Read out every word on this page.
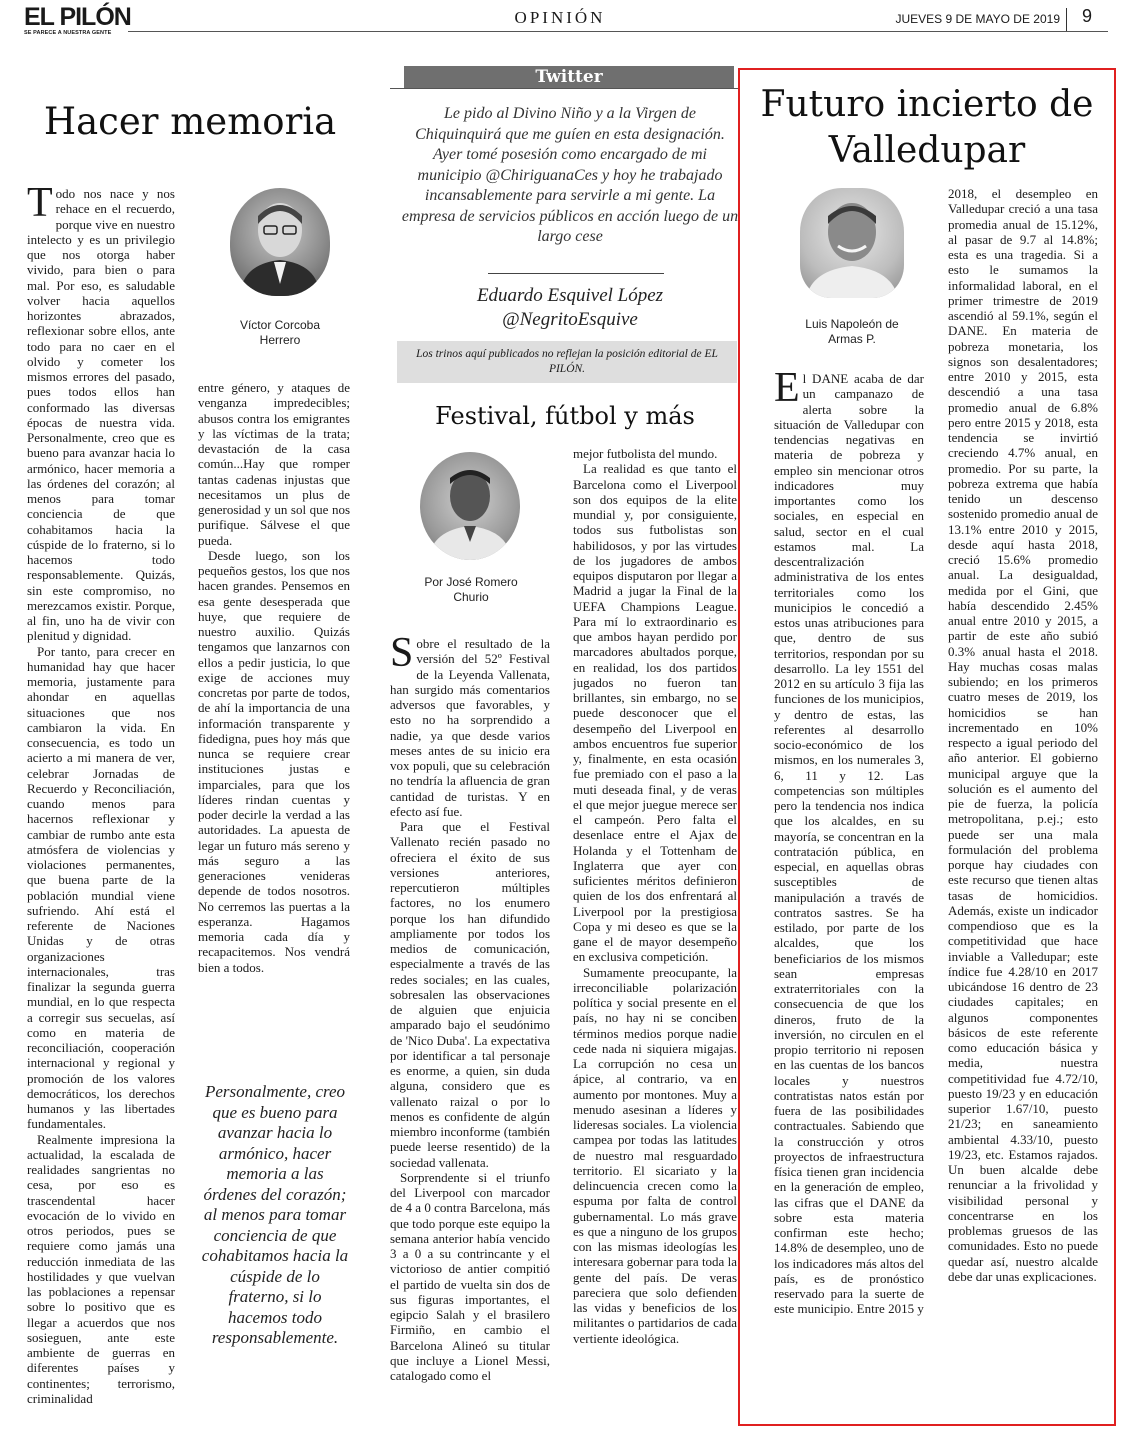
EL PILÓN
SE PARECE A NUESTRA GENTE
OPINIÓN	JUEVES 9 DE MAYO DE 2019	9
Hacer memoria
Víctor Corcoba Herrero

Todo nos nace y nos rehace en el recuerdo, porque vive en nuestro intelecto y es un privilegio que nos otorga haber vivido, para bien o para mal. Por eso, es saludable volver hacia aquellos horizontes abrazados, reflexionar sobre ellos, ante todo para no caer en el olvido y cometer los mismos errores del pasado, pues todos ellos han conformado las diversas épocas de nuestra vida. Personalmente, creo que es bueno para avanzar hacia lo armónico, hacer memoria a las órdenes del corazón; al menos para tomar conciencia de que cohabitamos hacia la cúspide de lo fraterno, si lo hacemos todo responsablemente. Quizás, sin este compromiso, no merezcamos existir. Porque, al fin, uno ha de vivir con plenitud y dignidad.

Por tanto, para crecer en humanidad hay que hacer memoria, justamente para ahondar en aquellas situaciones que nos cambiaron la vida. En consecuencia, es todo un acierto a mi manera de ver, celebrar Jornadas de Recuerdo y Reconciliación, cuando menos para hacernos reflexionar y cambiar de rumbo ante esta atmósfera de violencias y violaciones permanentes, que buena parte de la población mundial viene sufriendo. Ahí está el referente de Naciones Unidas y de otras organizaciones internacionales, tras finalizar la segunda guerra mundial, en lo que respecta a corregir sus secuelas, así como en materia de reconciliación, cooperación internacional y regional y promoción de los valores democráticos, los derechos humanos y las libertades fundamentales.

Realmente impresiona la actualidad, la escalada de realidades sangrientas no cesa, por eso es trascendental hacer evocación de lo vivido en otros periodos, pues se requiere como jamás una reducción inmediata de las hostilidades y que vuelvan las poblaciones a repensar sobre lo positivo que es llegar a acuerdos que nos sosieguen, ante este ambiente de guerras en diferentes países y continentes; terrorismo, criminalidad

entre género, y ataques de venganza impredecibles; abusos contra los emigrantes y las víctimas de la trata; devastación de la casa común...Hay que romper tantas cadenas injustas que necesitamos un plus de generosidad y un sol que nos purifique. Sálvese el que pueda.

Desde luego, son los pequeños gestos, los que nos hacen grandes. Pensemos en esa gente desesperada que huye, que requiere de nuestro auxilio. Quizás tengamos que lanzarnos con ellos a pedir justicia, lo que exige de acciones muy concretas por parte de todos, de ahí la importancia de una información transparente y fidedigna, pues hoy más que nunca se requiere crear instituciones justas e imparciales, para que los líderes rindan cuentas y poder decirle la verdad a las autoridades. La apuesta de legar un futuro más sereno y más seguro a las generaciones venideras depende de todos nosotros. No cerremos las puertas a la esperanza. Hagamos memoria cada día y recapacitemos. Nos vendrá bien a todos.

Personalmente, creo que es bueno para avanzar hacia lo armónico, hacer memoria a las órdenes del corazón; al menos para tomar conciencia de que cohabitamos hacia la cúspide de lo fraterno, si lo hacemos todo responsablemente.
Twitter
Le pido al Divino Niño y a la Virgen de Chiquinquirá que me guíen en esta designación. Ayer tomé posesión como encargado de mi municipio @ChiriguanaCes y hoy he trabajado incansablemente para servirle a mi gente. La empresa de servicios públicos en acción luego de un largo cese
Eduardo Esquivel López
@NegritoEsquive
Los trinos aquí publicados no reflejan la posición editorial de EL PILÓN.
Festival, fútbol y más
Por José Romero Churio

Sobre el resultado de la versión del 52º Festival de la Leyenda Vallenata, han surgido más comentarios adversos que favorables, y esto no ha sorprendido a nadie, ya que desde varios meses antes de su inicio era vox populi, que su celebración no tendría la afluencia de gran cantidad de turistas. Y en efecto así fue.

Para que el Festival Vallenato recién pasado no ofreciera el éxito de sus versiones anteriores, repercutieron múltiples factores, no los enumero porque los han difundido ampliamente por todos los medios de comunicación, especialmente a través de las redes sociales; en las cuales, sobresalen las observaciones de alguien que enjuicia amparado bajo el seudónimo de 'Nico Duba'. La expectativa por identificar a tal personaje es enorme, a quien, sin duda alguna, considero que es vallenato raizal o por lo menos es confidente de algún miembro inconforme (también puede leerse resentido) de la sociedad vallenata.

Sorprendente si el triunfo del Liverpool con marcador de 4 a 0 contra Barcelona, más que todo porque este equipo la semana anterior había vencido 3 a 0 a su contrincante y el victorioso de antier compitió el partido de vuelta sin dos de sus figuras importantes, el egipcio Salah y el brasilero Firmiño, en cambio el Barcelona Alineó su titular que incluye a Lionel Messi, catalogado como el

mejor futbolista del mundo.

La realidad es que tanto el Barcelona como el Liverpool son dos equipos de la elite mundial y, por consiguiente, todos sus futbolistas son habilidosos, y por las virtudes de los jugadores de ambos equipos disputaron por llegar a Madrid a jugar la Final de la UEFA Champions League. Para mí lo extraordinario es que ambos hayan perdido por marcadores abultados porque, en realidad, los dos partidos jugados no fueron tan brillantes, sin embargo, no se puede desconocer que el desempeño del Liverpool en ambos encuentros fue superior y, finalmente, en esta ocasión fue premiado con el paso a la muti deseada final, y de veras el que mejor juegue merece ser el campeón. Pero falta el desenlace entre el Ajax de Holanda y el Tottenham de Inglaterra que ayer con suficientes méritos definieron quien de los dos enfrentará al Liverpool por la prestigiosa Copa y mi deseo es que se la gane el de mayor desempeño en exclusiva competición.

Sumamente preocupante, la irreconciliable polarización política y social presente en el país, no hay ni se conciben términos medios porque nadie cede nada ni siquiera migajas. La corrupción no cesa un ápice, al contrario, va en aumento por montones. Muy a menudo asesinan a líderes y lideresas sociales. La violencia campea por todas las latitudes de nuestro mal resguardado territorio. El sicariato y la delincuencia crecen como la espuma por falta de control gubernamental. Lo más grave es que a ninguno de los grupos con las mismas ideologías les interesara gobernar para toda la gente del país. De veras pareciera que solo defienden las vidas y beneficios de los militantes o partidarios de cada vertiente ideológica.

Futuro incierto de Valledupar
Luis Napoleón de Armas P.

El DANE acaba de dar un campanazo de alerta sobre la situación de Valledupar con tendencias negativas en materia de pobreza y empleo sin mencionar otros indicadores muy importantes como los sociales, en especial en salud, sector en el cual estamos mal. La descentralización administrativa de los entes territoriales como los municipios le concedió a estos unas atribuciones para que, dentro de sus territorios, respondan por su desarrollo. La ley 1551 del 2012 en su artículo 3 fija las funciones de los municipios, y dentro de estas, las referentes al desarrollo socio-económico de los mismos, en los numerales 3, 6, 11 y 12. Las competencias son múltiples pero la tendencia nos indica que los alcaldes, en su mayoría, se concentran en la contratación pública, en especial, en aquellas obras susceptibles de manipulación a través de contratos sastres. Se ha estilado, por parte de los alcaldes, que los beneficiarios de los mismos sean empresas extraterritoriales con la consecuencia de que los dineros, fruto de la inversión, no circulen en el propio territorio ni reposen en las cuentas de los bancos locales y nuestros contratistas natos están por fuera de las posibilidades contractuales. Sabiendo que la construcción y otros proyectos de infraestructura física tienen gran incidencia en la generación de empleo, las cifras que el DANE da sobre esta materia confirman este hecho; 14.8% de desempleo, uno de los indicadores más altos del país, es de pronóstico reservado para la suerte de este municipio. Entre 2015 y

2018, el desempleo en Valledupar creció a una tasa promedia anual de 15.12%, al pasar de 9.7 al 14.8%; esta es una tragedia. Si a esto le sumamos la informalidad laboral, en el primer trimestre de 2019 ascendió al 59.1%, según el DANE. En materia de pobreza monetaria, los signos son desalentadores; entre 2010 y 2015, esta descendió a una tasa promedio anual de 6.8% pero entre 2015 y 2018, esta tendencia se invirtió creciendo 4.7% anual, en promedio. Por su parte, la pobreza extrema que había tenido un descenso sostenido promedio anual de 13.1% entre 2010 y 2015, desde aquí hasta 2018, creció 15.6% promedio anual. La desigualdad, medida por el Gini, que había descendido 2.45% anual entre 2010 y 2015, a partir de este año subió 0.3% anual hasta el 2018. Hay muchas cosas malas subiendo; en los primeros cuatro meses de 2019, los homicidios se han incrementado en 10% respecto a igual periodo del año anterior. El gobierno municipal arguye que la solución es el aumento del pie de fuerza, la policía metropolitana, p.ej.; esto puede ser una mala formulación del problema porque hay ciudades con este recurso que tienen altas tasas de homicidios. Además, existe un indicador compendioso que es la competitividad que hace inviable a Valledupar; este índice fue 4.28/10 en 2017 ubicándose 16 dentro de 23 ciudades capitales; en algunos componentes básicos de este referente como educación básica y media, nuestra competitividad fue 4.72/10, puesto 19/23 y en educación superior 1.67/10, puesto 21/23; en saneamiento ambiental 4.33/10, puesto 19/23, etc. Estamos rajados. Un buen alcalde debe renunciar a la frivolidad y visibilidad personal y concentrarse en los problemas gruesos de las comunidades. Esto no puede quedar así, nuestro alcalde debe dar unas explicaciones.
